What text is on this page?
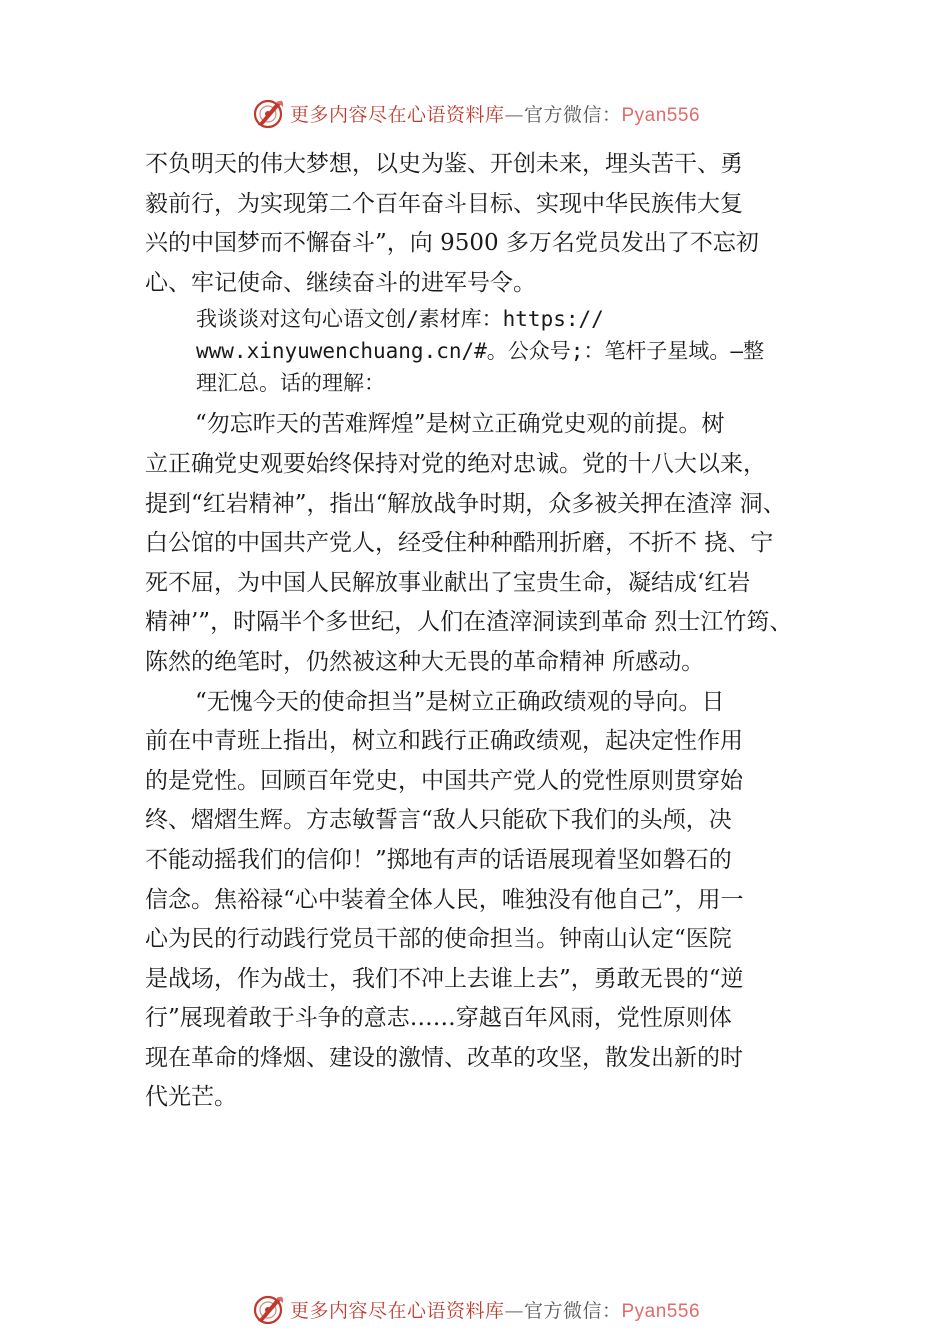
更多内容尽在心语资料库—官方微信：Pyan556

不负明天的伟大梦想，以史为鉴、开创未来，埋头苦干、勇
毅前行，为实现第二个百年奋斗目标、实现中华民族伟大复
兴的中国梦而不懈奋斗”，向 9500 多万名党员发出了不忘初
心、牢记使命、继续奋斗的进军号令。

我谈谈对这句心语文创/素材库：https://
www.xinyuwenchuang.cn/#。公众号;：笔杆子星域。—整
理汇总。话的理解：

“勿忘昨天的苦难辉煌”是树立正确党史观的前提。树
立正确党史观要始终保持对党的绝对忠诚。党的十八大以来，
提到“红岩精神”，指出“解放战争时期，众多被关押在渣滓 洞、
白公馆的中国共产党人，经受住种种酷刑折磨，不折不 挠、宁
死不屈，为中国人民解放事业献出了宝贵生命，凝结成‘红岩
精神’”，时隔半个多世纪，人们在渣滓洞读到革命 烈士江竹筠、
陈然的绝笔时，仍然被这种大无畏的革命精神 所感动。

“无愧今天的使命担当”是树立正确政绩观的导向。日
前在中青班上指出，树立和践行正确政绩观，起决定性作用
的是党性。回顾百年党史，中国共产党人的党性原则贯穿始
终、熠熠生辉。方志敏誓言“敌人只能砍下我们的头颅，决
不能动摇我们的信仰！”掷地有声的话语展现着坚如磐石的
信念。焦裕禄“心中装着全体人民，唯独没有他自己”，用一
心为民的行动践行党员干部的使命担当。钟南山认定“医院
是战场，作为战士，我们不冲上去谁上去”，勇敢无畏的“逆
行”展现着敢于斗争的意志……穿越百年风雨，党性原则体
现在革命的烽烟、建设的激情、改革的攻坚，散发出新的时
代光芒。

更多内容尽在心语资料库—官方微信：Pyan556
